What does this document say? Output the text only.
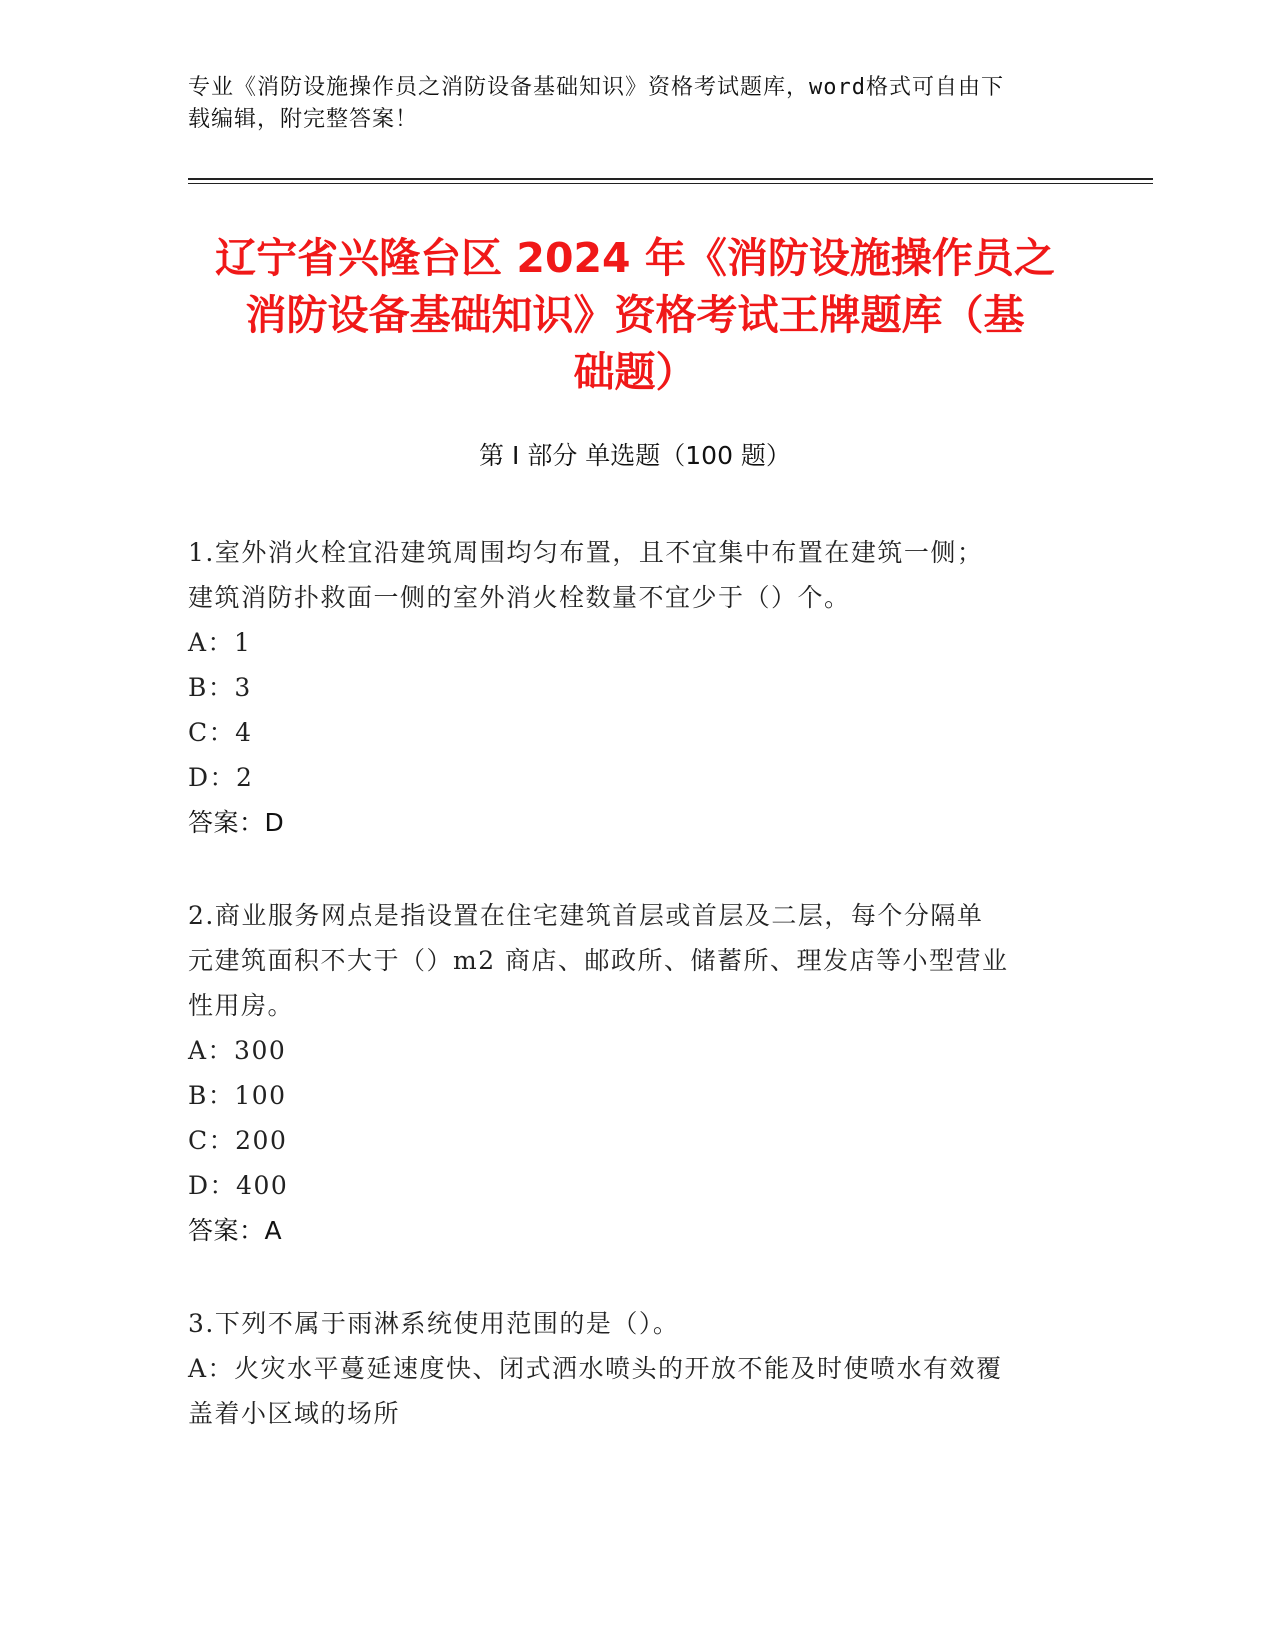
专业《消防设施操作员之消防设备基础知识》资格考试题库，word格式可自由下
载编辑，附完整答案！
辽宁省兴隆台区 2024 年《消防设施操作员之
消防设备基础知识》资格考试王牌题库（基
础题）
第 I 部分 单选题（100 题）
1.室外消火栓宜沿建筑周围均匀布置，且不宜集中布置在建筑一侧；
建筑消防扑救面一侧的室外消火栓数量不宜少于（）个。
A：1
B：3
C：4
D：2
答案：D
2.商业服务网点是指设置在住宅建筑首层或首层及二层，每个分隔单
元建筑面积不大于（）m2 商店、邮政所、储蓄所、理发店等小型营业
性用房。
A：300
B：100
C：200
D：400
答案：A
3.下列不属于雨淋系统使用范围的是（）。
A：火灾水平蔓延速度快、闭式洒水喷头的开放不能及时使喷水有效覆
盖着小区域的场所
